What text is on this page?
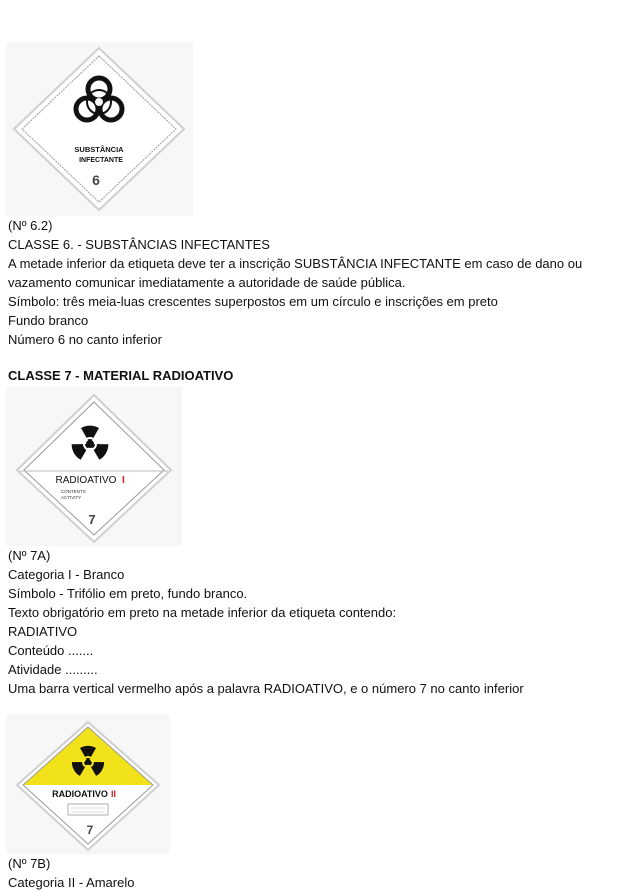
SUBSTÂNCIA
INFECTANTE
6
(Nº 6.2)
CLASSE 6. - SUBSTÂNCIAS INFECTANTES
A metade inferior da etiqueta deve ter a inscrição SUBSTÂNCIA INFECTANTE em caso de dano ou
vazamento comunicar imediatamente a autoridade de saúde pública.
Símbolo: três meia-luas crescentes superpostos em um círculo e inscrições em preto
Fundo branco
Número 6 no canto inferior
CLASSE 7 - MATERIAL RADIOATIVO
RADIOATIVO I
CONTENTS
ACTIVITY
7
(Nº 7A)
Categoria I - Branco
Símbolo - Trifólio em preto, fundo branco.
Texto obrigatório em preto na metade inferior da etiqueta contendo:
RADIATIVO
Conteúdo .......
Atividade .........
Uma barra vertical vermelho após a palavra RADIOATIVO, e o número 7 no canto inferior
RADIOATIVO II
7
(Nº 7B)
Categoria II - Amarelo
